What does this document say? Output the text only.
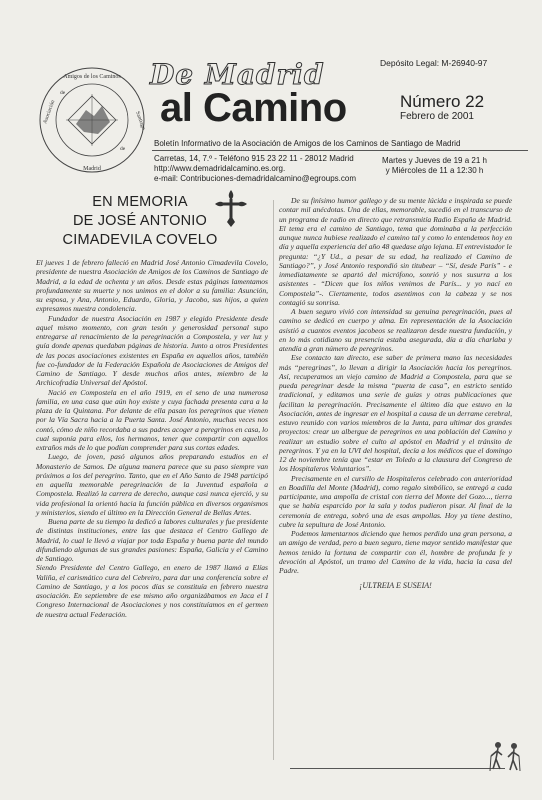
Amigos de los Caminos
Madrid
Asociación	Santiago
de
de
Depósito Legal: M-26940-97
De Madrid
al Camino	Número 22
Febrero de 2001
Boletín Informativo de la Asociación de Amigos de los Caminos de Santiago de Madrid
Carretas, 14, 7.º - Teléfono 915 23 22 11 - 28012 Madrid
http://www.demadridalcamino.es.org.
e-mail: Contribuciones-demadridalcamino@egroups.com
Martes y Jueves de 19 a 21 h
y Miércoles de 11 a 12:30 h
EN MEMORIA
DE JOSÉ ANTONIO
CIMADEVILA COVELO

El jueves 1 de febrero falleció en Madrid José Antonio Cimadevila Covelo, presidente de nuestra Asociación de Amigos de los Caminos de Santiago de Madrid, a la edad de ochenta y un años. Desde estas páginas lamentamos profundamente su muerte y nos unimos en el dolor a su familia: Asunción, su esposa, y Ana, Antonio, Eduardo, Gloria, y Jacobo, sus hijos, a quien expresamos nuestra condolencia.

Fundador de nuestra Asociación en 1987 y elegido Presidente desde aquel mismo momento, con gran tesón y generosidad personal supo entregarse al renacimiento de la peregrinación a Compostela, y ver luz y guía donde apenas quedaban páginas de historia. Junto a otros Presidentes de las pocas asociaciones existentes en España en aquellos años, también fue co-fundador de la Federación Española de Asociaciones de Amigos del Camino de Santiago. Y desde muchos años antes, miembro de la Archicofradía Universal del Apóstol.

Nació en Compostela en el año 1919, en el seno de una numerosa familia, en una casa que aún hoy existe y cuya fachada presenta cara a la plaza de la Quintana. Por delante de ella pasan los peregrinos que vienen por la Vía Sacra hacia a la Puerta Santa. José Antonio, muchas veces nos contó, cómo de niño recordaba a sus padres acoger a peregrinos en casa, lo cual suponía para ellos, los hermanos, tener que compartir con aquellos extraños más de lo que podían comprender para sus cortas edades.

Luego, de joven, pasó algunos años preparando estudios en el Monasterio de Samos. De alguna manera parece que su paso siempre van próximos a los del peregrino. Tanto, que en el Año Santo de 1948 participó en aquella memorable peregrinación de la Juventud española a Compostela. Realizó la carrera de derecho, aunque casi nunca ejerció, y su vida profesional la orientó hacia la función pública en diversos organismos y ministerios, siendo el último en la Dirección General de Bellas Artes.

Buena parte de su tiempo la dedicó a labores culturales y fue presidente de distintas instituciones, entre las que destaca el Centro Gallego de Madrid, lo cual le llevó a viajar por toda España y buena parte del mundo difundiendo algunas de sus grandes pasiones: España, Galicia y el Camino de Santiago.

Siendo Presidente del Centro Gallego, en enero de 1987 llamó a Elías Valiña, el carismático cura del Cebreiro, para dar una conferencia sobre el Camino de Santiago, y a los pocos días se constituía en febrero nuestra asociación. En septiembre de ese mismo año organizábamos en Jaca el I Congreso Internacional de Asociaciones y nos constituíamos en el germen de nuestra actual Federación.

De su finísimo humor gallego y de su mente lúcida e inspirada se puede contar mil anécdotas. Una de ellas, memorable, sucedió en el transcurso de un programa de radio en directo que retransmitía Radio España de Madrid. El tema era el camino de Santiago, tema que dominaba a la perfección aunque nunca hubiese realizado el camino tal y como lo entendemos hoy en día y aquella experiencia del año 48 quedase algo lejana. El entrevistador le pregunta: “¿Y Ud., a pesar de su edad, ha realizado el Camino de Santiago?”, y José Antonio respondió sin titubear – “Sí, desde París” - e inmediatamente se apartó del micrófono, sonrió y nos susurra a los asistentes - “Dicen que los niños venimos de París... y yo nací en Compostela”-. Ciertamente, todos asentimos con la cabeza y se nos contagió su sonrisa.

A buen seguro vivió con intensidad su genuina peregrinación, pues al camino se dedicó en cuerpo y alma. En representación de la Asociación asistió a cuantos eventos jacobeos se realizaron desde nuestra fundación, y en lo más cotidiano su presencia estaba asegurada, día a día charlaba y atendía a gran número de peregrinos.

Ese contacto tan directo, ese saber de primera mano las necesidades más “peregrinas”, lo llevan a dirigir la Asociación hacia los peregrinos. Así, recuperamos un viejo camino de Madrid a Compostela, para que se pueda peregrinar desde la misma “puerta de casa”, en estricto sentido tradicional, y editamos una serie de guías y otras publicaciones que facilitan la peregrinación. Precisamente el último día que estuvo en la Asociación, antes de ingresar en el hospital a causa de un derrame cerebral, estuvo reunido con varios miembros de la Junta, para ultimar dos grandes proyectos: crear un albergue de peregrinos en una población del Camino y realizar un estudio sobre el culto al apóstol en Madrid y el tránsito de peregrinos. Y ya en la UVI del hospital, decía a los médicos que el domingo 12 de noviembre tenía que “estar en Toledo a la clausura del Congreso de los Hospitaleros Voluntarios”.

Precisamente en el cursillo de Hospitaleros celebrado con anterioridad en Boadilla del Monte (Madrid), como regalo simbólico, se entregó a cada participante, una ampolla de cristal con tierra del Monte del Gozo..., tierra que se había esparcido por la sala y todos pudieron pisar. Al final de la ceremonia de entrega, sobró una de esas ampollas. Hoy ya tiene destino, cubre la sepultura de José Antonio.

Podemos lamentarnos diciendo que hemos perdido una gran persona, a un amigo de verdad, pero a buen seguro, tiene mayor sentido manifestar que hemos tenido la fortuna de compartir con él, hombre de profunda fe y devoción al Apóstol, un tramo del Camino de la vida, hacia la casa del Padre.

¡ULTREIA E SUSEIA!
